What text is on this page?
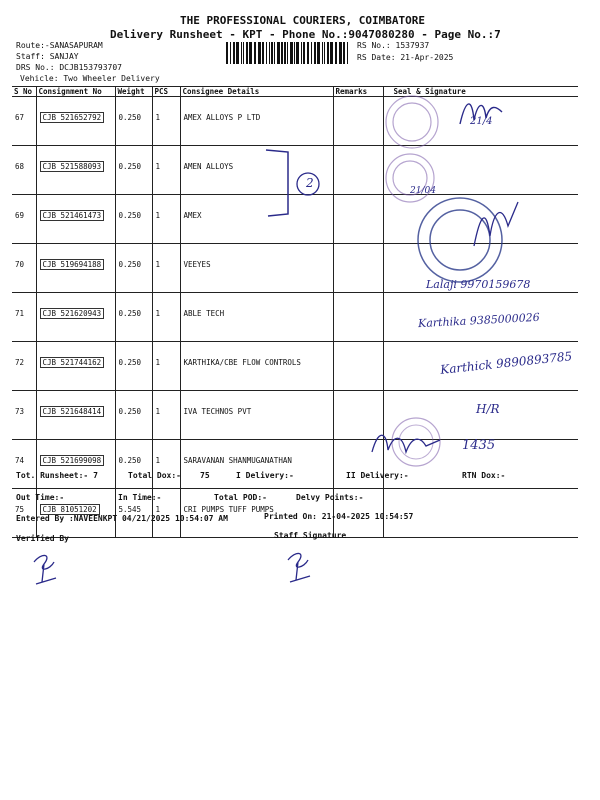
THE PROFESSIONAL COURIERS, COIMBATORE
Delivery Runsheet - KPT - Phone No.:9047080280 - Page No.:7
Route:-SANASAPURAM
Staff: SANJAY
DRS No.: DCJB153793707
Vehicle: Two Wheeler Delivery
RS No.: 1537937
RS Date: 21-Apr-2025
S No	Consignment No	Weight	PCS	Consignee Details	Remarks	Seal & Signature
67	CJB 521652792	0.250	1	AMEX ALLOYS P LTD		
68	CJB 521588093	0.250	1	AMEN ALLOYS		
69	CJB 521461473	0.250	1	AMEX		
70	CJB 519694188	0.250	1	VEEYES		
71	CJB 521620943	0.250	1	ABLE TECH		
72	CJB 521744162	0.250	1	KARTHIKA/CBE FLOW CONTROLS		
73	CJB 521648414	0.250	1	IVA TECHNOS PVT		
74	CJB 521699098	0.250	1	SARAVANAN SHANMUGANATHAN		
75	CJB 81051202	5.545	1	CRI PUMPS TUFF PUMPS		
2
21/4
21/04
Lalaji 9970159678
Karthika 9385000026
Karthick 9890893785
H/R
1435
Tot. Runsheet:- 7	Total Dox:- 75	I Delivery:-	II Delivery:-	RTN Dox:-
Out Time:-	In Time:-	Total POD:-	Delvy Points:-
Entered By :NAVEENKPT 04/21/2025 10:54:07 AM	Printed On: 21-04-2025 10:54:57
Verified By	Staff Signature
